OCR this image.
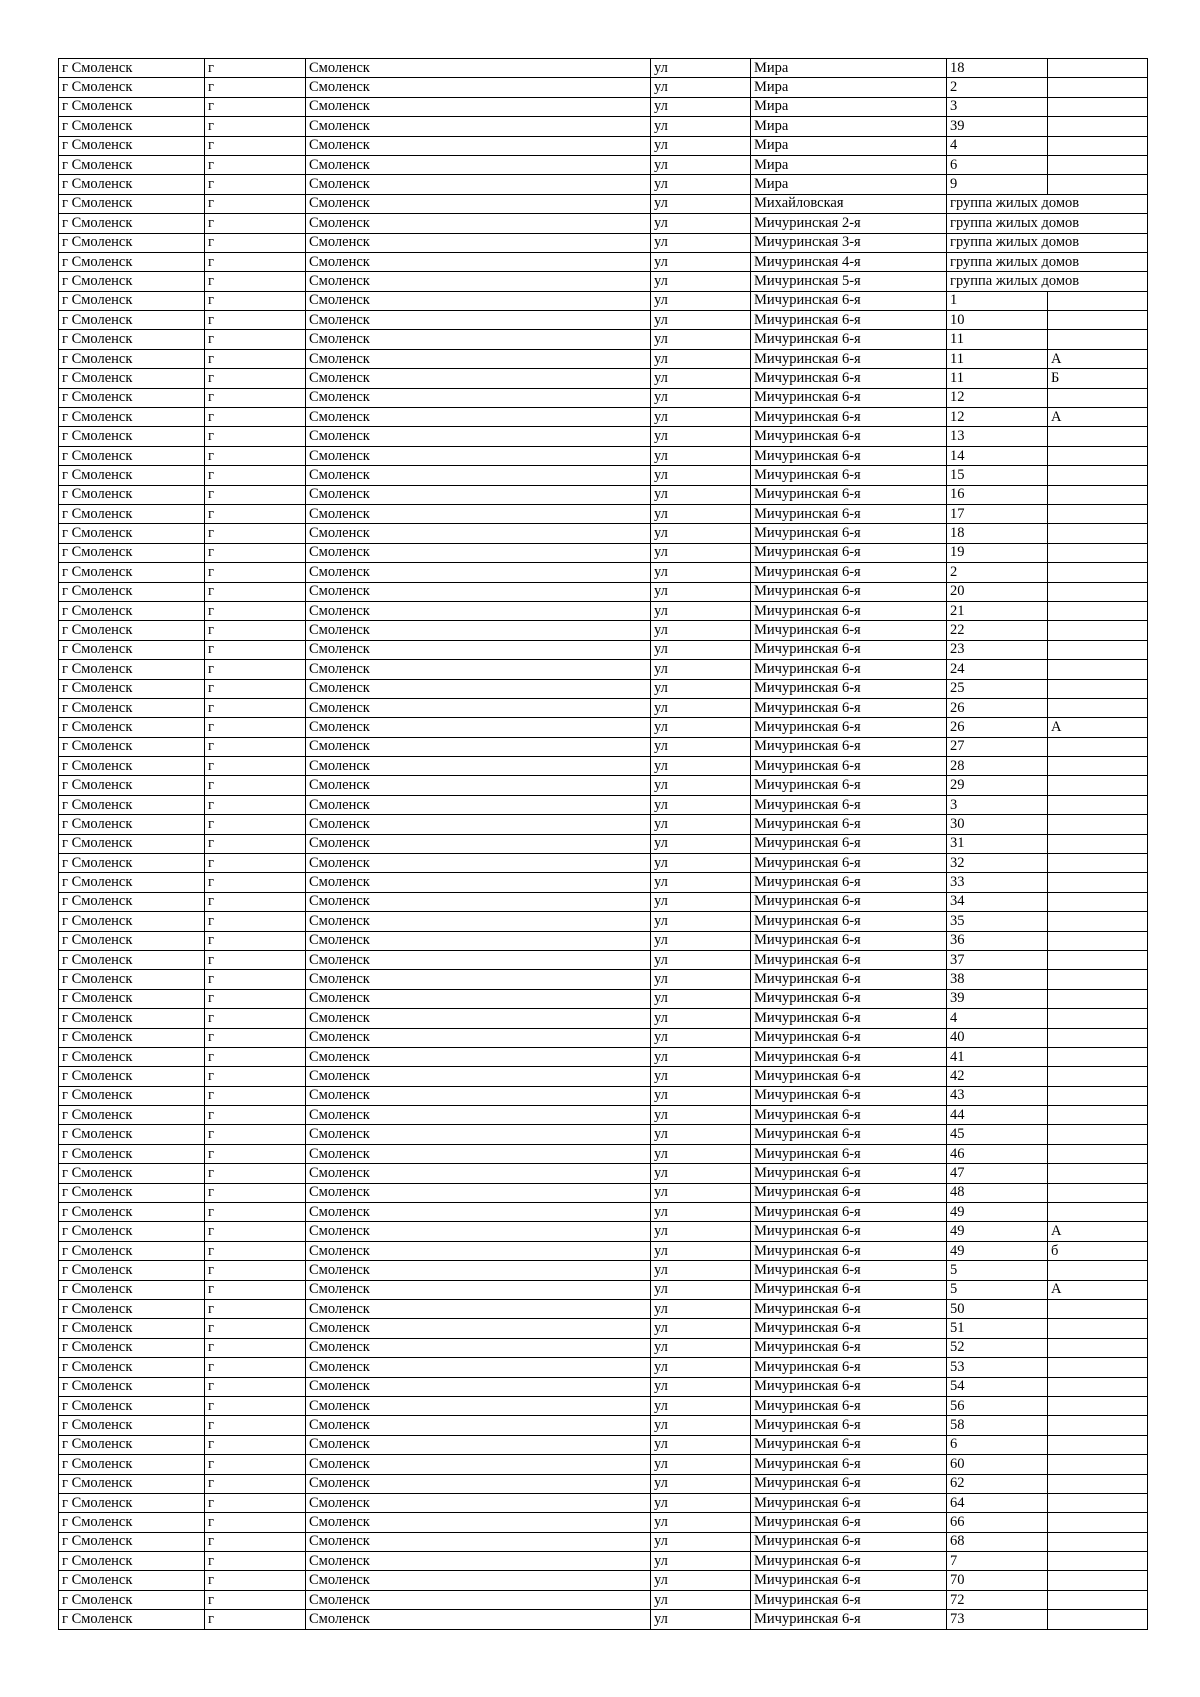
г Смоленск	г	Смоленск	ул	Мира	18	
г Смоленск	г	Смоленск	ул	Мира	2	
г Смоленск	г	Смоленск	ул	Мира	3	
г Смоленск	г	Смоленск	ул	Мира	39	
г Смоленск	г	Смоленск	ул	Мира	4	
г Смоленск	г	Смоленск	ул	Мира	6	
г Смоленск	г	Смоленск	ул	Мира	9	
г Смоленск	г	Смоленск	ул	Михайловская	группа жилых домов	
г Смоленск	г	Смоленск	ул	Мичуринская 2-я	группа жилых домов	
г Смоленск	г	Смоленск	ул	Мичуринская 3-я	группа жилых домов	
г Смоленск	г	Смоленск	ул	Мичуринская 4-я	группа жилых домов	
г Смоленск	г	Смоленск	ул	Мичуринская 5-я	группа жилых домов	
г Смоленск	г	Смоленск	ул	Мичуринская 6-я	1	
г Смоленск	г	Смоленск	ул	Мичуринская 6-я	10	
г Смоленск	г	Смоленск	ул	Мичуринская 6-я	11	
г Смоленск	г	Смоленск	ул	Мичуринская 6-я	11	А
г Смоленск	г	Смоленск	ул	Мичуринская 6-я	11	Б
г Смоленск	г	Смоленск	ул	Мичуринская 6-я	12	
г Смоленск	г	Смоленск	ул	Мичуринская 6-я	12	А
г Смоленск	г	Смоленск	ул	Мичуринская 6-я	13	
г Смоленск	г	Смоленск	ул	Мичуринская 6-я	14	
г Смоленск	г	Смоленск	ул	Мичуринская 6-я	15	
г Смоленск	г	Смоленск	ул	Мичуринская 6-я	16	
г Смоленск	г	Смоленск	ул	Мичуринская 6-я	17	
г Смоленск	г	Смоленск	ул	Мичуринская 6-я	18	
г Смоленск	г	Смоленск	ул	Мичуринская 6-я	19	
г Смоленск	г	Смоленск	ул	Мичуринская 6-я	2	
г Смоленск	г	Смоленск	ул	Мичуринская 6-я	20	
г Смоленск	г	Смоленск	ул	Мичуринская 6-я	21	
г Смоленск	г	Смоленск	ул	Мичуринская 6-я	22	
г Смоленск	г	Смоленск	ул	Мичуринская 6-я	23	
г Смоленск	г	Смоленск	ул	Мичуринская 6-я	24	
г Смоленск	г	Смоленск	ул	Мичуринская 6-я	25	
г Смоленск	г	Смоленск	ул	Мичуринская 6-я	26	
г Смоленск	г	Смоленск	ул	Мичуринская 6-я	26	А
г Смоленск	г	Смоленск	ул	Мичуринская 6-я	27	
г Смоленск	г	Смоленск	ул	Мичуринская 6-я	28	
г Смоленск	г	Смоленск	ул	Мичуринская 6-я	29	
г Смоленск	г	Смоленск	ул	Мичуринская 6-я	3	
г Смоленск	г	Смоленск	ул	Мичуринская 6-я	30	
г Смоленск	г	Смоленск	ул	Мичуринская 6-я	31	
г Смоленск	г	Смоленск	ул	Мичуринская 6-я	32	
г Смоленск	г	Смоленск	ул	Мичуринская 6-я	33	
г Смоленск	г	Смоленск	ул	Мичуринская 6-я	34	
г Смоленск	г	Смоленск	ул	Мичуринская 6-я	35	
г Смоленск	г	Смоленск	ул	Мичуринская 6-я	36	
г Смоленск	г	Смоленск	ул	Мичуринская 6-я	37	
г Смоленск	г	Смоленск	ул	Мичуринская 6-я	38	
г Смоленск	г	Смоленск	ул	Мичуринская 6-я	39	
г Смоленск	г	Смоленск	ул	Мичуринская 6-я	4	
г Смоленск	г	Смоленск	ул	Мичуринская 6-я	40	
г Смоленск	г	Смоленск	ул	Мичуринская 6-я	41	
г Смоленск	г	Смоленск	ул	Мичуринская 6-я	42	
г Смоленск	г	Смоленск	ул	Мичуринская 6-я	43	
г Смоленск	г	Смоленск	ул	Мичуринская 6-я	44	
г Смоленск	г	Смоленск	ул	Мичуринская 6-я	45	
г Смоленск	г	Смоленск	ул	Мичуринская 6-я	46	
г Смоленск	г	Смоленск	ул	Мичуринская 6-я	47	
г Смоленск	г	Смоленск	ул	Мичуринская 6-я	48	
г Смоленск	г	Смоленск	ул	Мичуринская 6-я	49	
г Смоленск	г	Смоленск	ул	Мичуринская 6-я	49	А
г Смоленск	г	Смоленск	ул	Мичуринская 6-я	49	б
г Смоленск	г	Смоленск	ул	Мичуринская 6-я	5	
г Смоленск	г	Смоленск	ул	Мичуринская 6-я	5	А
г Смоленск	г	Смоленск	ул	Мичуринская 6-я	50	
г Смоленск	г	Смоленск	ул	Мичуринская 6-я	51	
г Смоленск	г	Смоленск	ул	Мичуринская 6-я	52	
г Смоленск	г	Смоленск	ул	Мичуринская 6-я	53	
г Смоленск	г	Смоленск	ул	Мичуринская 6-я	54	
г Смоленск	г	Смоленск	ул	Мичуринская 6-я	56	
г Смоленск	г	Смоленск	ул	Мичуринская 6-я	58	
г Смоленск	г	Смоленск	ул	Мичуринская 6-я	6	
г Смоленск	г	Смоленск	ул	Мичуринская 6-я	60	
г Смоленск	г	Смоленск	ул	Мичуринская 6-я	62	
г Смоленск	г	Смоленск	ул	Мичуринская 6-я	64	
г Смоленск	г	Смоленск	ул	Мичуринская 6-я	66	
г Смоленск	г	Смоленск	ул	Мичуринская 6-я	68	
г Смоленск	г	Смоленск	ул	Мичуринская 6-я	7	
г Смоленск	г	Смоленск	ул	Мичуринская 6-я	70	
г Смоленск	г	Смоленск	ул	Мичуринская 6-я	72	
г Смоленск	г	Смоленск	ул	Мичуринская 6-я	73	
